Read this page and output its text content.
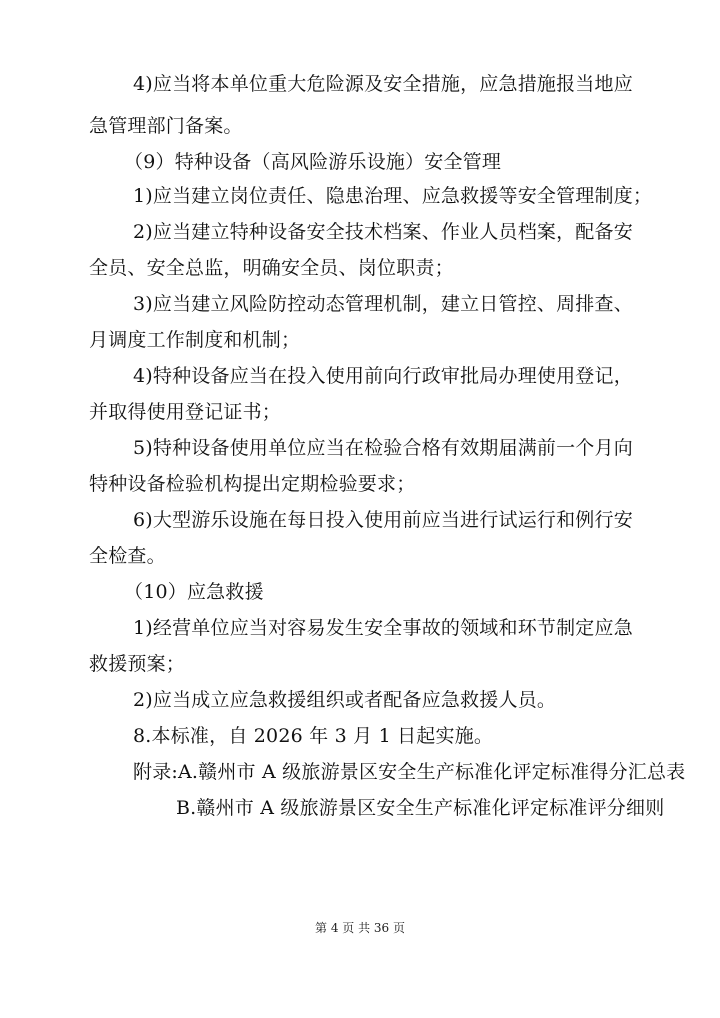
4)应当将本单位重大危险源及安全措施，应急措施报当地应
急管理部门备案。
（9）特种设备（高风险游乐设施）安全管理
1)应当建立岗位责任、隐患治理、应急救援等安全管理制度；
2)应当建立特种设备安全技术档案、作业人员档案，配备安
全员、安全总监，明确安全员、岗位职责；
3)应当建立风险防控动态管理机制，建立日管控、周排查、
月调度工作制度和机制；
4)特种设备应当在投入使用前向行政审批局办理使用登记，
并取得使用登记证书；
5)特种设备使用单位应当在检验合格有效期届满前一个月向
特种设备检验机构提出定期检验要求；
6)大型游乐设施在每日投入使用前应当进行试运行和例行安
全检查。
（10）应急救援
1)经营单位应当对容易发生安全事故的领域和环节制定应急
救援预案；
2)应当成立应急救援组织或者配备应急救援人员。
8.本标准，自 2026 年 3 月 1 日起实施。
附录:A.赣州市 A 级旅游景区安全生产标准化评定标准得分汇总表
B.赣州市 A 级旅游景区安全生产标准化评定标准评分细则
第 4 页 共 36 页
